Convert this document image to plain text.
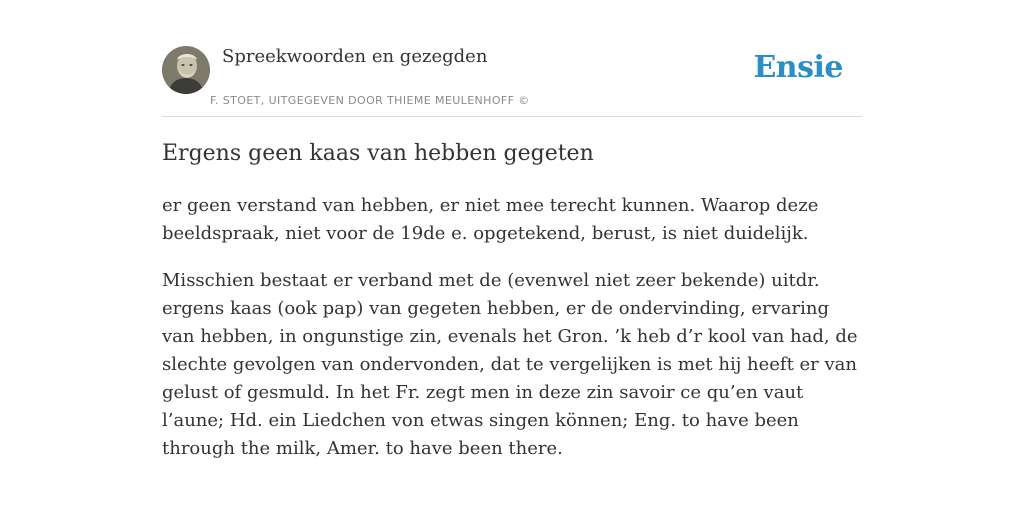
Spreekwoorden en gezegden
F. STOET, UITGEGEVEN DOOR THIEME MEULENHOFF ©
Ensie
Ergens geen kaas van hebben gegeten

er geen verstand van hebben, er niet mee terecht kunnen. Waarop deze beeldspraak, niet voor de 19de e. opgetekend, berust, is niet duidelijk.

Misschien bestaat er verband met de (evenwel niet zeer bekende) uitdr. ergens kaas (ook pap) van gegeten hebben, er de ondervinding, ervaring van hebben, in ongunstige zin, evenals het Gron. ’k heb d’r kool van had, de slechte gevolgen van ondervonden, dat te vergelijken is met hij heeft er van gelust of gesmuld. In het Fr. zegt men in deze zin savoir ce qu’en vaut l’aune; Hd. ein Liedchen von etwas singen können; Eng. to have been through the milk, Amer. to have been there.
